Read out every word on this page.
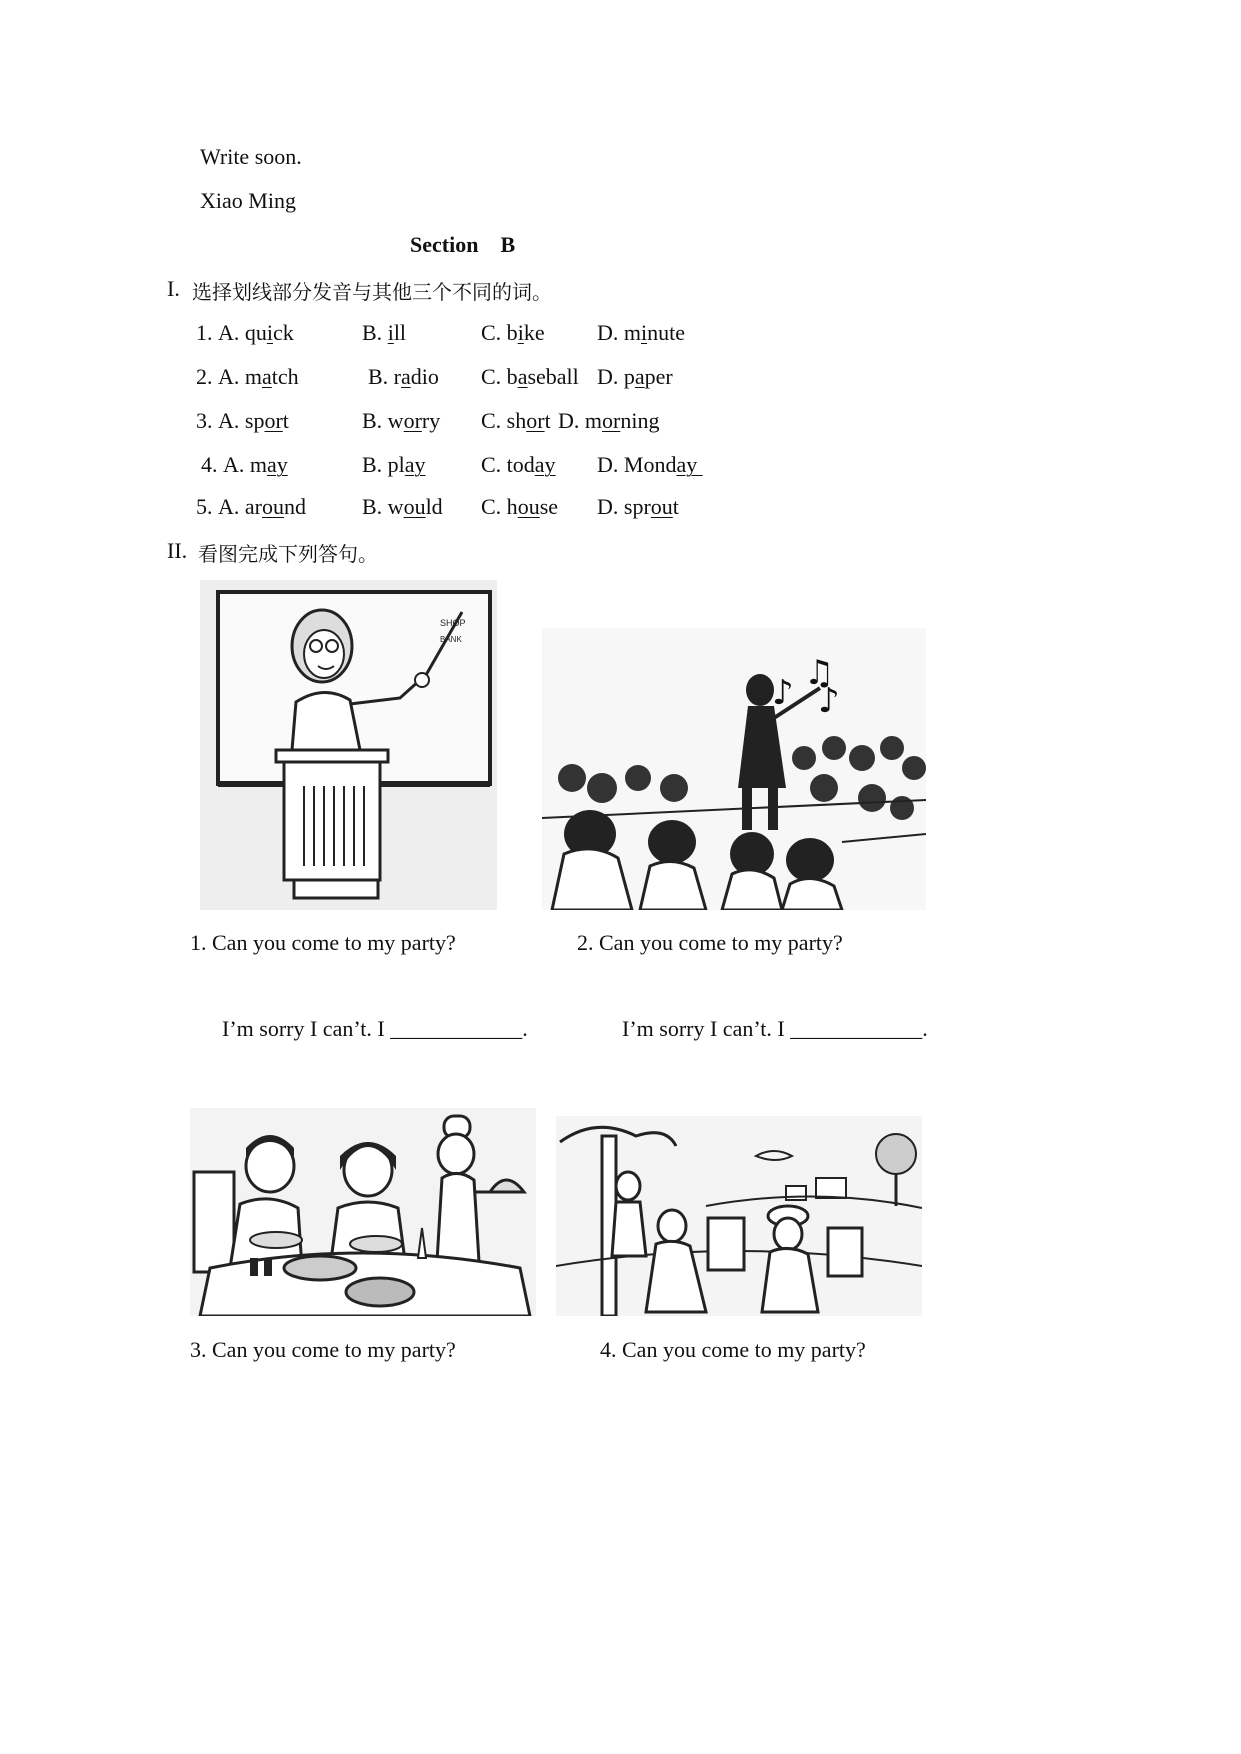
Write soon.
Xiao Ming
Section    B
I. 选择划线部分发音与其他三个不同的词。
1. A. quick	B. ill	C. bike D. minute
2. A. match	B. radio C. baseball D. paper
3. A. sport	B. worry C. short D. morning
4. A. may	B. play	C. today D. Monday
5. A. around	B. would C. house D. sprout
II. 看图完成下列答句。
SHOP
BANK
♪ ♫
♪
1. Can you come to my party?	2. Can you come to my party?
I’m sorry I can’t. I ____________.	I’m sorry I can’t. I ____________.
3. Can you come to my party?	4. Can you come to my party?
